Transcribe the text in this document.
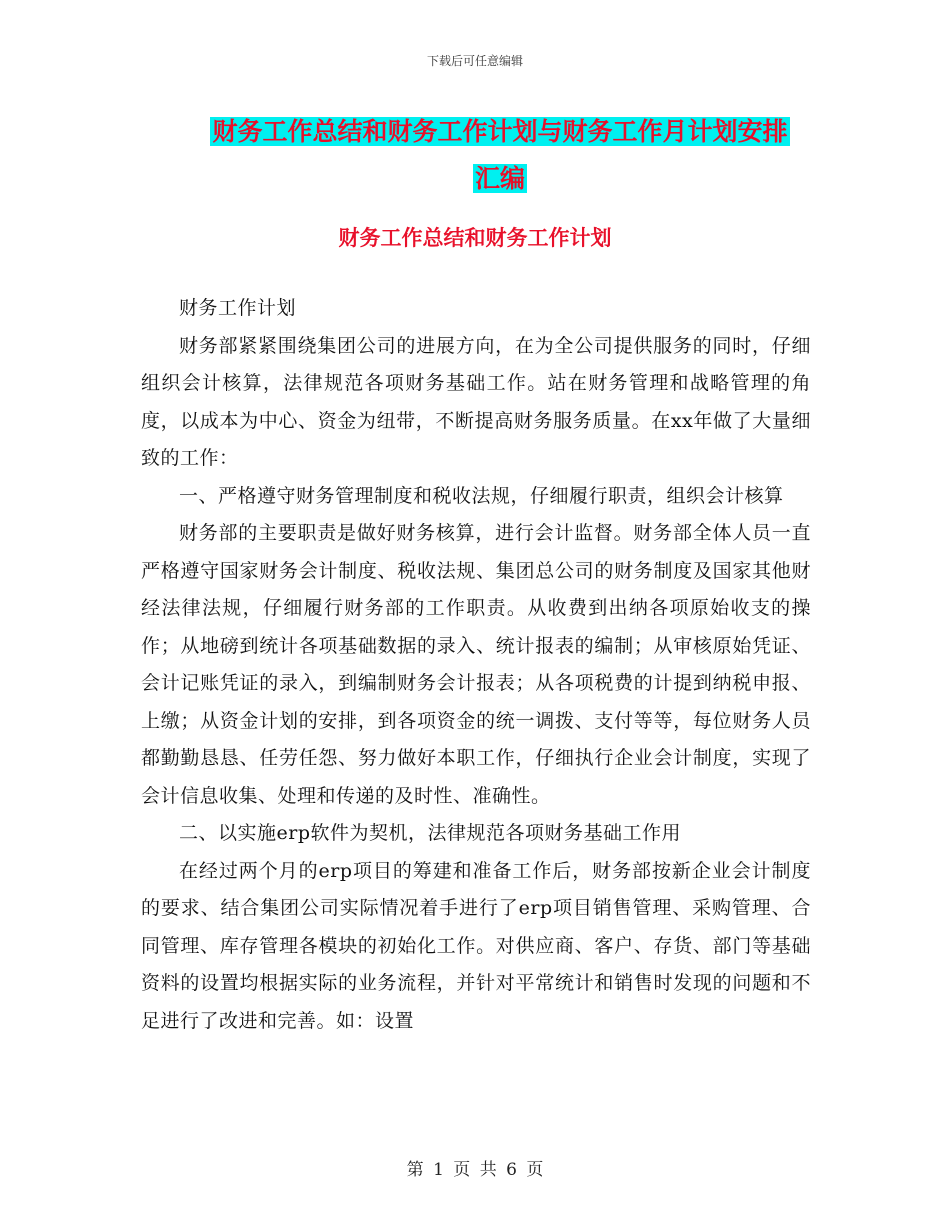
下载后可任意编辑
财务工作总结和财务工作计划与财务工作月计划安排
汇编
财务工作总结和财务工作计划

财务工作计划

财务部紧紧围绕集团公司的进展方向，在为全公司提供服务的同时，仔细组织会计核算，法律规范各项财务基础工作。站在财务管理和战略管理的角度，以成本为中心、资金为纽带，不断提高财务服务质量。在xx年做了大量细致的工作：

一、严格遵守财务管理制度和税收法规，仔细履行职责，组织会计核算

财务部的主要职责是做好财务核算，进行会计监督。财务部全体人员一直严格遵守国家财务会计制度、税收法规、集团总公司的财务制度及国家其他财经法律法规，仔细履行财务部的工作职责。从收费到出纳各项原始收支的操作；从地磅到统计各项基础数据的录入、统计报表的编制；从审核原始凭证、会计记账凭证的录入，到编制财务会计报表；从各项税费的计提到纳税申报、上缴；从资金计划的安排，到各项资金的统一调拨、支付等等，每位财务人员都勤勤恳恳、任劳任怨、努力做好本职工作，仔细执行企业会计制度，实现了会计信息收集、处理和传递的及时性、准确性。

二、以实施erp软件为契机，法律规范各项财务基础工作用

在经过两个月的erp项目的筹建和准备工作后，财务部按新企业会计制度的要求、结合集团公司实际情况着手进行了erp项目销售管理、采购管理、合同管理、库存管理各模块的初始化工作。对供应商、客户、存货、部门等基础资料的设置均根据实际的业务流程，并针对平常统计和销售时发现的问题和不足进行了改进和完善。如：设置

第 1 页 共 6 页
